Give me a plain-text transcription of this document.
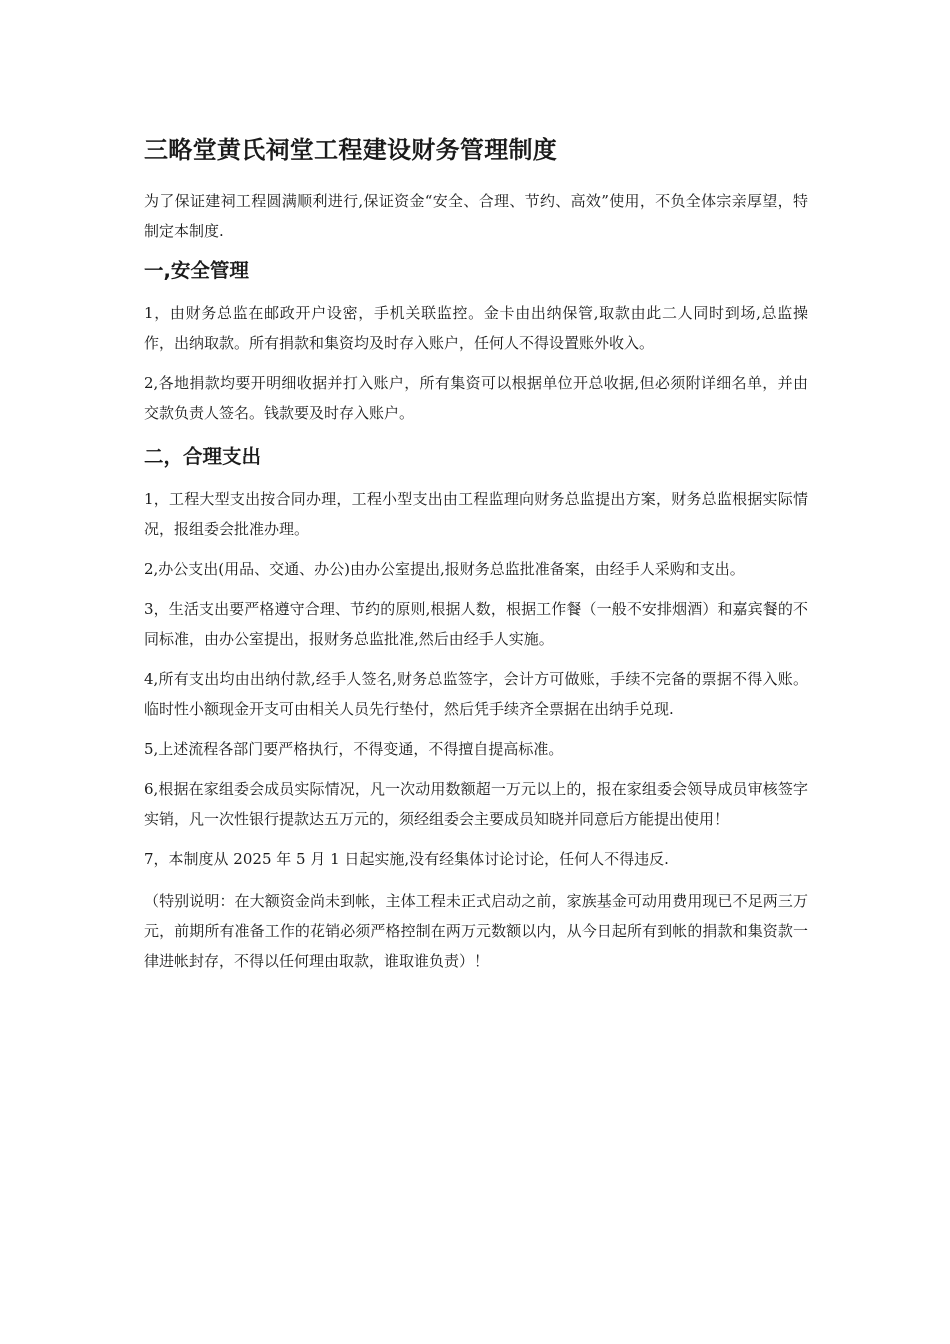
三略堂黄氏祠堂工程建设财务管理制度

为了保证建祠工程圆满顺利进行,保证资金“安全、合理、节约、高效”使用，不负全体宗亲厚望，特制定本制度.

一,安全管理

1，由财务总监在邮政开户设密，手机关联监控。金卡由出纳保管,取款由此二人同时到场,总监操作，出纳取款。所有捐款和集资均及时存入账户，任何人不得设置账外收入。

2,各地捐款均要开明细收据并打入账户，所有集资可以根据单位开总收据,但必须附详细名单，并由交款负责人签名。钱款要及时存入账户。

二，合理支出

1，工程大型支出按合同办理，工程小型支出由工程监理向财务总监提出方案，财务总监根据实际情况，报组委会批准办理。

2,办公支出(用品、交通、办公)由办公室提出,报财务总监批准备案，由经手人采购和支出。

3，生活支出要严格遵守合理、节约的原则,根据人数，根据工作餐（一般不安排烟酒）和嘉宾餐的不同标准，由办公室提出，报财务总监批准,然后由经手人实施。

4,所有支出均由出纳付款,经手人签名,财务总监签字，会计方可做账，手续不完备的票据不得入账。临时性小额现金开支可由相关人员先行垫付，然后凭手续齐全票据在出纳手兑现.

5,上述流程各部门要严格执行，不得变通，不得擅自提高标准。

6,根据在家组委会成员实际情况，凡一次动用数额超一万元以上的，报在家组委会领导成员审核签字实销，凡一次性银行提款达五万元的，须经组委会主要成员知晓并同意后方能提出使用！

7，本制度从 2025 年 5 月 1 日起实施,没有经集体讨论讨论，任何人不得违反.

（特别说明：在大额资金尚未到帐，主体工程未正式启动之前，家族基金可动用费用现已不足两三万元，前期所有准备工作的花销必须严格控制在两万元数额以内，从今日起所有到帐的捐款和集资款一律进帐封存，不得以任何理由取款，谁取谁负责）！
